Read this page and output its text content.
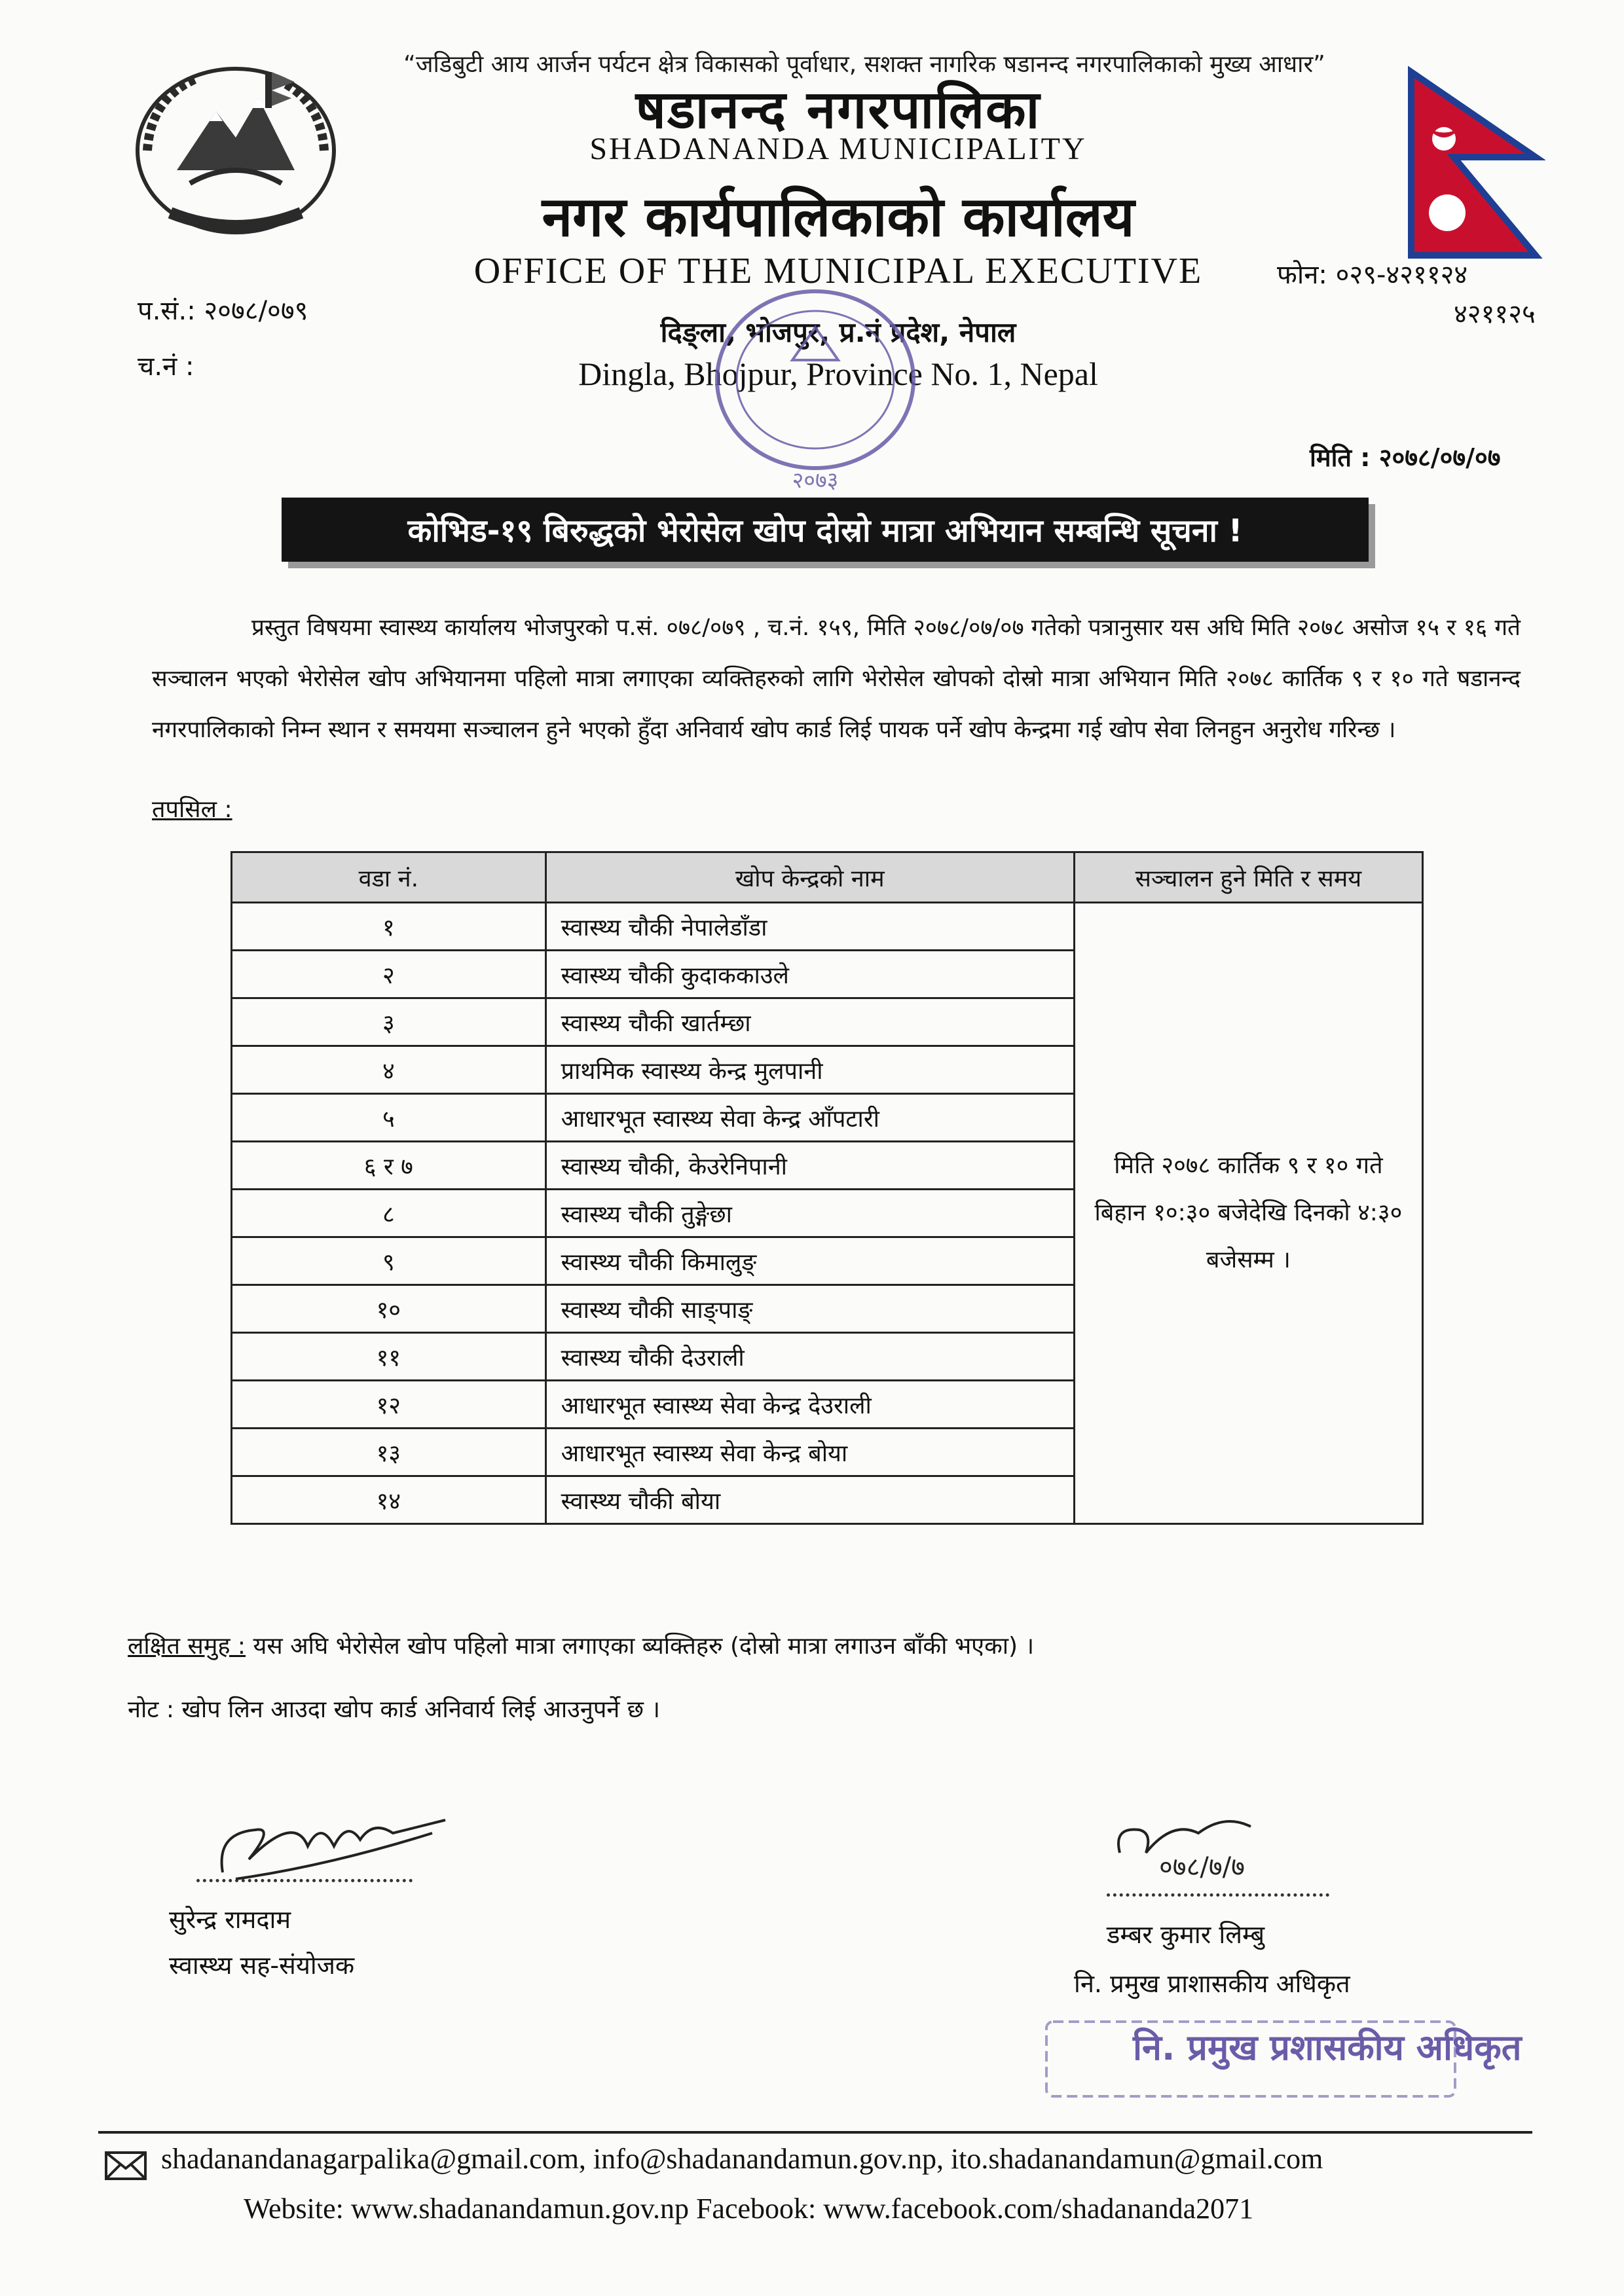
“जडिबुटी आय आर्जन पर्यटन क्षेत्र विकासको पूर्वाधार, सशक्त नागरिक षडानन्द नगरपालिकाको मुख्य आधार”
षडानन्द नगरपालिका
SHADANANDA MUNICIPALITY
नगर कार्यपालिकाको कार्यालय
OFFICE OF THE MUNICIPAL EXECUTIVE	फोन: ०२९-४२११२४
४२११२५
प.सं.: २०७८/०७९
च.नं :
दिङ्ला, भोजपुर, प्र.नं प्रदेश, नेपाल
Dingla, Bhojpur, Province No. 1, Nepal
२०७३
मिति : २०७८/०७/०७
कोभिड-१९ बिरुद्धको भेरोसेल खोप दोस्रो मात्रा अभियान सम्बन्धि सूचना !
प्रस्तुत विषयमा स्वास्थ्य कार्यालय भोजपुरको प.सं. ०७८/०७९ , च.नं. १५९, मिति २०७८/०७/०७ गतेको पत्रानुसार यस अघि मिति २०७८ असोज १५ र १६ गते सञ्चालन भएको भेरोसेल खोप अभियानमा पहिलो मात्रा लगाएका व्यक्तिहरुको लागि भेरोसेल खोपको दोस्रो मात्रा अभियान मिति २०७८ कार्तिक ९ र १० गते षडानन्द नगरपालिकाको निम्न स्थान र समयमा सञ्चालन हुने भएको हुँदा अनिवार्य खोप कार्ड लिई पायक पर्ने खोप केन्द्रमा गई खोप सेवा लिनहुन अनुरोध गरिन्छ ।
तपसिल :
वडा नं.	खोप केन्द्रको नाम	सञ्चालन हुने मिति र समय
१	स्वास्थ्य चौकी नेपालेडाँडा	मिति २०७८ कार्तिक ९ र १० गते बिहान १०:३० बजेदेखि दिनको ४:३० बजेसम्म ।
२	स्वास्थ्य चौकी कुदाककाउले	
३	स्वास्थ्य चौकी खार्तम्छा	
४	प्राथमिक स्वास्थ्य केन्द्र मुलपानी	
५	आधारभूत स्वास्थ्य सेवा केन्द्र आँपटारी	
६ र ७	स्वास्थ्य चौकी, केउरेनिपानी	
८	स्वास्थ्य चौकी तुङ्गेछा	
९	स्वास्थ्य चौकी किमालुङ्	
१०	स्वास्थ्य चौकी साङ्पाङ्	
११	स्वास्थ्य चौकी देउराली	
१२	आधारभूत स्वास्थ्य सेवा केन्द्र देउराली	
१३	आधारभूत स्वास्थ्य सेवा केन्द्र बोया	
१४	स्वास्थ्य चौकी बोया	
लक्षित समुह : यस अघि भेरोसेल खोप पहिलो मात्रा लगाएका ब्यक्तिहरु (दोस्रो मात्रा लगाउन बाँकी भएका) ।
नोट : खोप लिन आउदा खोप कार्ड अनिवार्य लिई आउनुपर्ने छ ।
सुरेन्द्र रामदाम
स्वास्थ्य सह-संयोजक
०७८/७/७
डम्बर कुमार लिम्बु
नि. प्रमुख प्राशासकीय अधिकृत
नि. प्रमुख प्रशासकीय अधिकृत
shadanandanagarpalika@gmail.com, info@shadanandamun.gov.np, ito.shadanandamun@gmail.com
Website: www.shadanandamun.gov.np Facebook: www.facebook.com/shadananda2071
